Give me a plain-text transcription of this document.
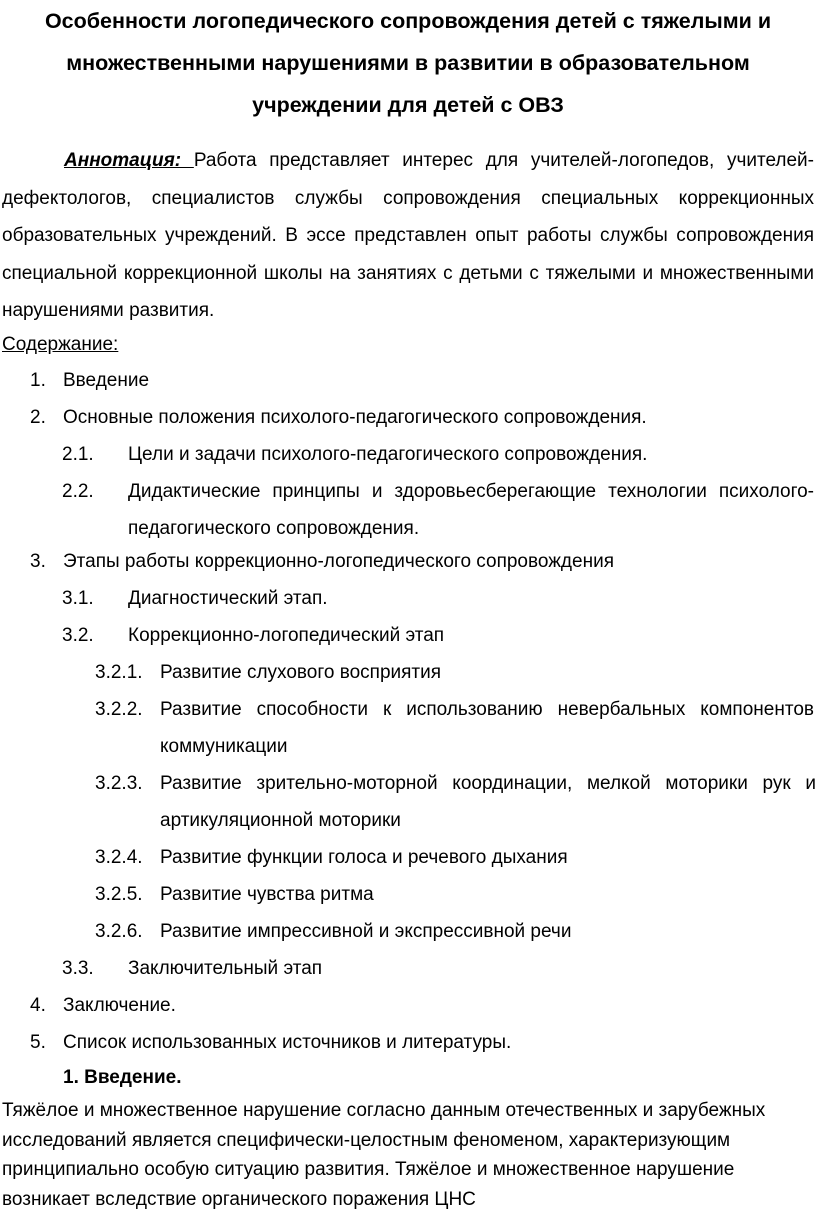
Особенности логопедического сопровождения детей с тяжелыми и множественными нарушениями в развитии в образовательном учреждении для детей с ОВЗ

Аннотация: Работа представляет интерес для учителей-логопедов, учителей-дефектологов, специалистов службы сопровождения специальных коррекционных образовательных учреждений. В эссе представлен опыт работы службы сопровождения специальной коррекционной школы на занятиях с детьми с тяжелыми и множественными нарушениями развития.

Содержание:

1. Введение
2. Основные положения психолого-педагогического сопровождения.
2.1. Цели и задачи психолого-педагогического сопровождения.
2.2. Дидактические принципы и здоровьесберегающие технологии психолого-педагогического сопровождения.
3. Этапы работы коррекционно-логопедического сопровождения
3.1. Диагностический этап.
3.2. Коррекционно-логопедический этап
3.2.1. Развитие слухового восприятия
3.2.2. Развитие способности к использованию невербальных компонентов коммуникации
3.2.3. Развитие зрительно-моторной координации, мелкой моторики рук и артикуляционной моторики
3.2.4. Развитие функции голоса и речевого дыхания
3.2.5. Развитие чувства ритма
3.2.6. Развитие импрессивной и экспрессивной речи
3.3. Заключительный этап
4. Заключение.
5. Список использованных источников и литературы.

1. Введение.

Тяжёлое и множественное нарушение согласно данным отечественных и зарубежных исследований является специфически-целостным феноменом, характеризующим принципиально особую ситуацию развития. Тяжёлое и множественное нарушение возникает вследствие органического поражения ЦНС
